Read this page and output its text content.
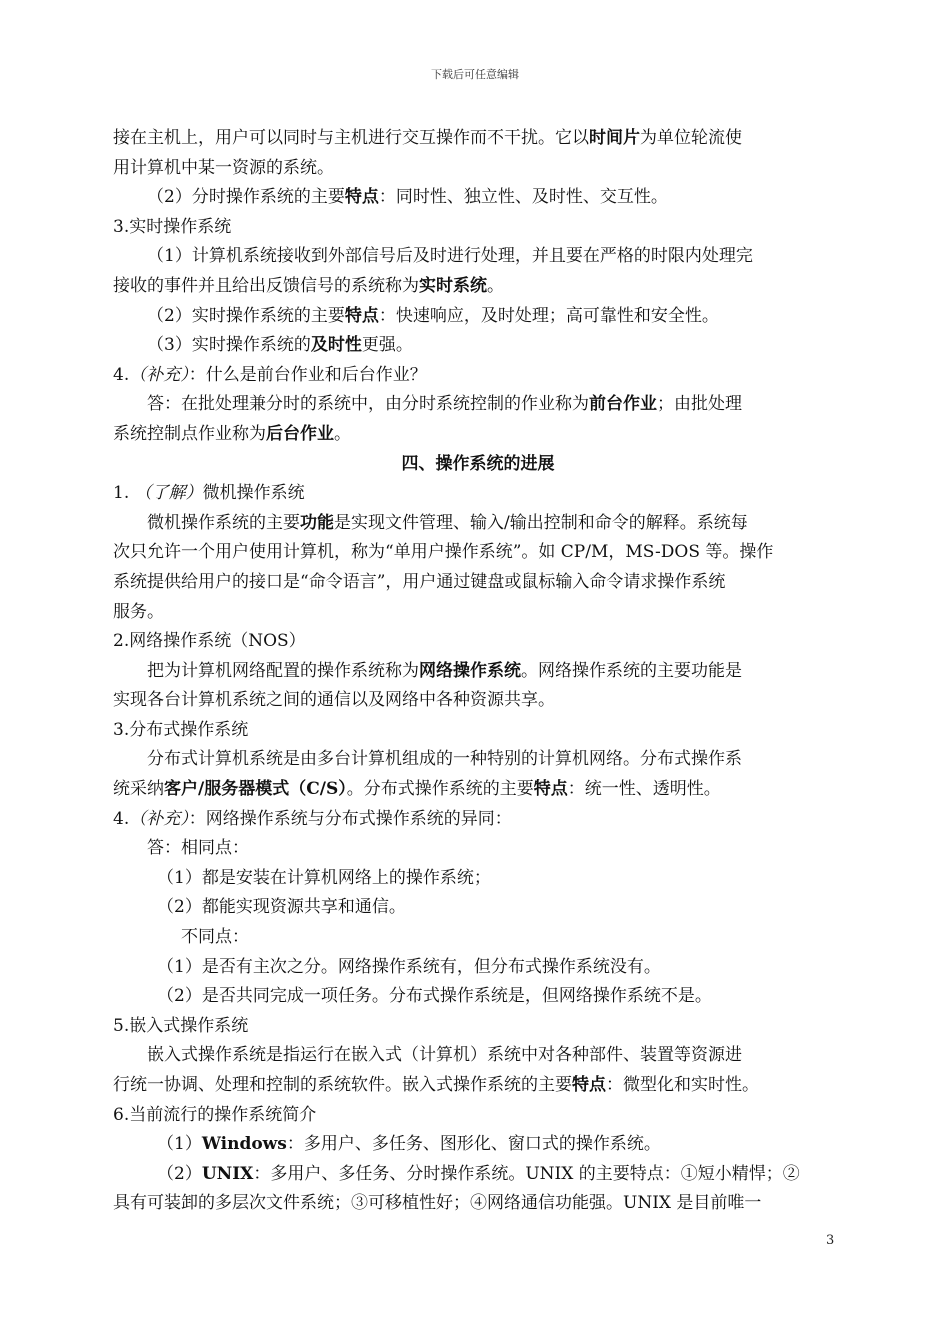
下载后可任意编辑

接在主机上，用户可以同时与主机进行交互操作而不干扰。它以时间片为单位轮流使

用计算机中某一资源的系统。

（2）分时操作系统的主要特点：同时性、独立性、及时性、交互性。

3.实时操作系统

（1）计算机系统接收到外部信号后及时进行处理，并且要在严格的时限内处理完

接收的事件并且给出反馈信号的系统称为实时系统。

（2）实时操作系统的主要特点：快速响应，及时处理；高可靠性和安全性。

（3）实时操作系统的及时性更强。

4.（补充）：什么是前台作业和后台作业？

答：在批处理兼分时的系统中，由分时系统控制的作业称为前台作业；由批处理

系统控制点作业称为后台作业。

四、操作系统的进展

1. （了解）微机操作系统

微机操作系统的主要功能是实现文件管理、输入/输出控制和命令的解释。系统每

次只允许一个用户使用计算机，称为“单用户操作系统”。如 CP/M，MS-DOS 等。操作

系统提供给用户的接口是“命令语言”，用户通过键盘或鼠标输入命令请求操作系统

服务。

2.网络操作系统（NOS）

把为计算机网络配置的操作系统称为网络操作系统。网络操作系统的主要功能是

实现各台计算机系统之间的通信以及网络中各种资源共享。

3.分布式操作系统

分布式计算机系统是由多台计算机组成的一种特别的计算机网络。分布式操作系

统采纳客户/服务器模式（C/S）。分布式操作系统的主要特点：统一性、透明性。

4.（补充）：网络操作系统与分布式操作系统的异同：

答：相同点：

（1）都是安装在计算机网络上的操作系统；

（2）都能实现资源共享和通信。

不同点：

（1）是否有主次之分。网络操作系统有，但分布式操作系统没有。

（2）是否共同完成一项任务。分布式操作系统是，但网络操作系统不是。

5.嵌入式操作系统

嵌入式操作系统是指运行在嵌入式（计算机）系统中对各种部件、装置等资源进

行统一协调、处理和控制的系统软件。嵌入式操作系统的主要特点：微型化和实时性。

6.当前流行的操作系统简介

（1）Windows：多用户、多任务、图形化、窗口式的操作系统。

（2）UNIX：多用户、多任务、分时操作系统。UNIX 的主要特点：①短小精悍；②

具有可装卸的多层次文件系统；③可移植性好；④网络通信功能强。UNIX 是目前唯一

3
